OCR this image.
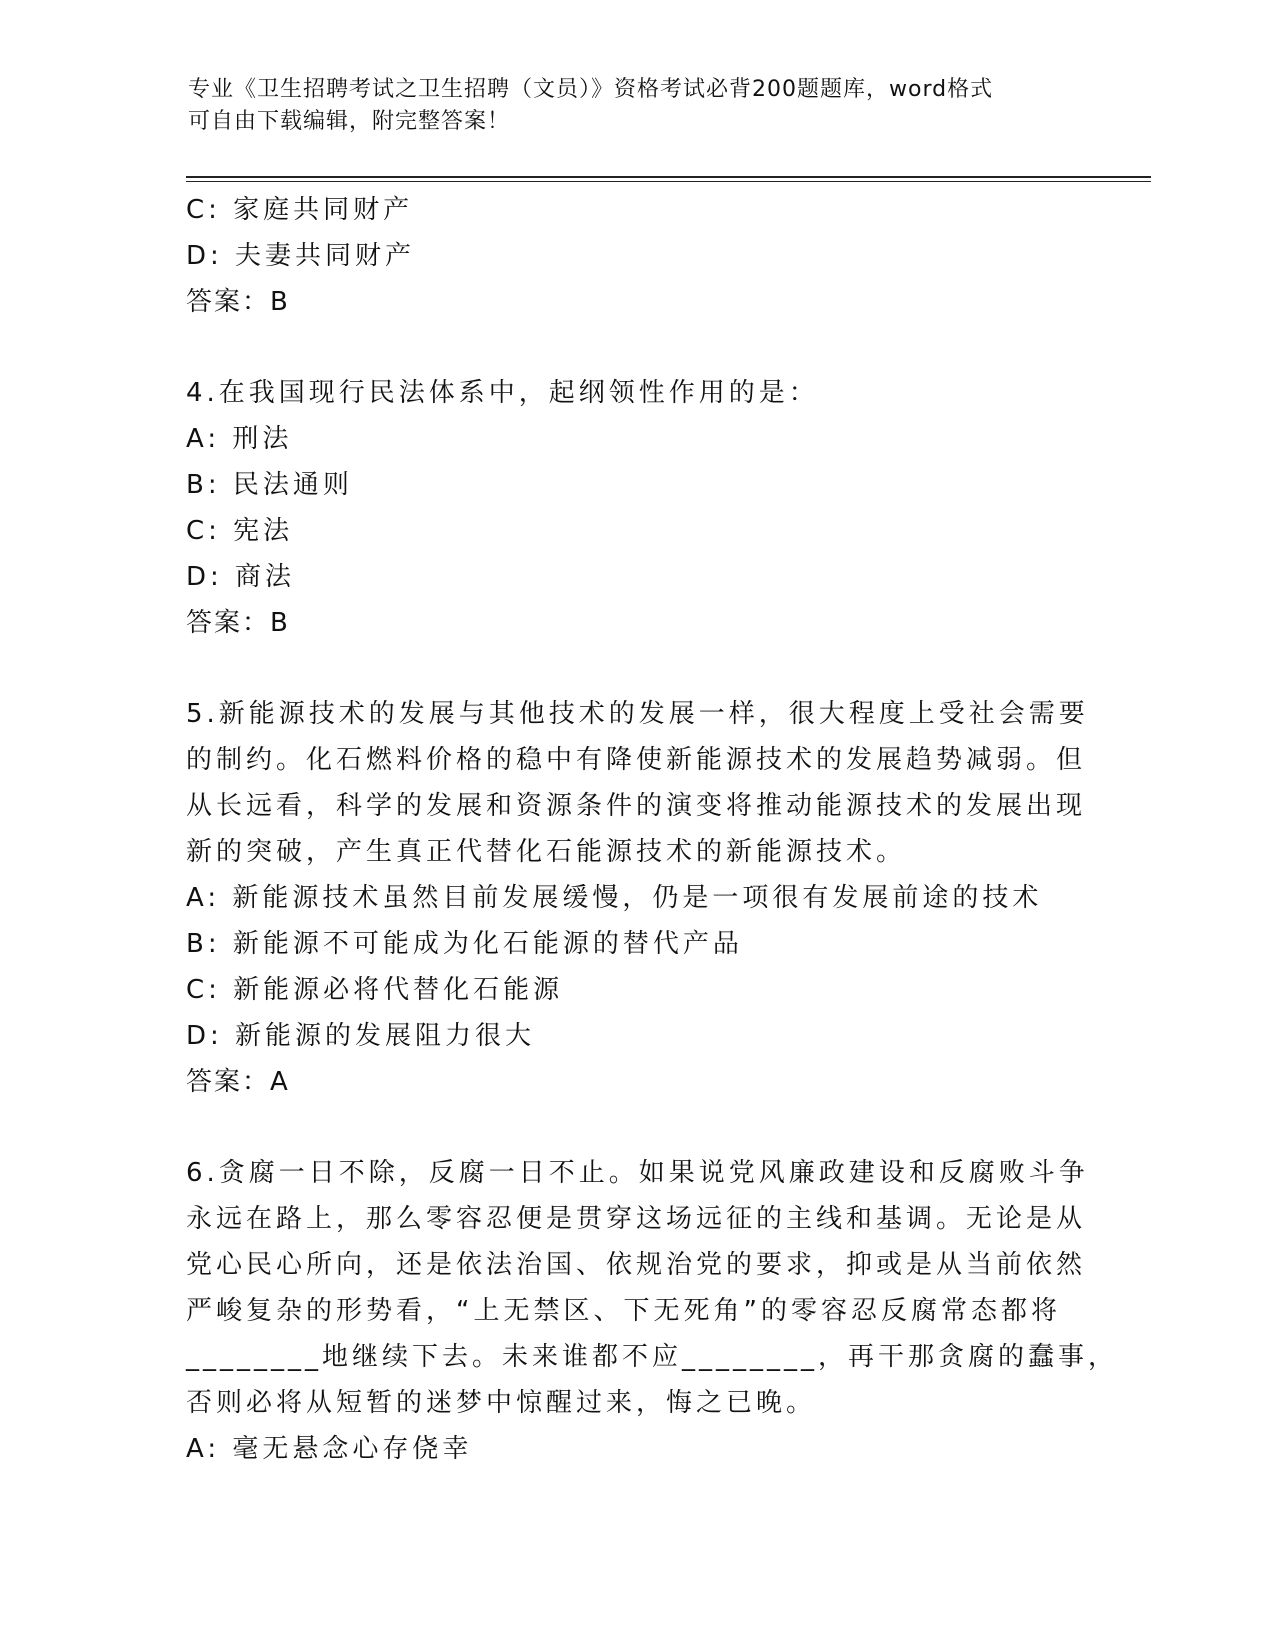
专业《卫生招聘考试之卫生招聘（文员）》资格考试必背200题题库，word格式
可自由下载编辑，附完整答案！
C: 家庭共同财产
D: 夫妻共同财产
答案：B
4.在我国现行民法体系中，起纲领性作用的是：
A: 刑法
B: 民法通则
C: 宪法
D: 商法
答案：B
5.新能源技术的发展与其他技术的发展一样，很大程度上受社会需要
的制约。化石燃料价格的稳中有降使新能源技术的发展趋势减弱。但
从长远看，科学的发展和资源条件的演变将推动能源技术的发展出现
新的突破，产生真正代替化石能源技术的新能源技术。
A: 新能源技术虽然目前发展缓慢，仍是一项很有发展前途的技术
B: 新能源不可能成为化石能源的替代产品
C: 新能源必将代替化石能源
D: 新能源的发展阻力很大
答案：A
6.贪腐一日不除，反腐一日不止。如果说党风廉政建设和反腐败斗争
永远在路上，那么零容忍便是贯穿这场远征的主线和基调。无论是从
党心民心所向，还是依法治国、依规治党的要求，抑或是从当前依然
严峻复杂的形势看，“上无禁区、下无死角”的零容忍反腐常态都将
________地继续下去。未来谁都不应________，再干那贪腐的蠢事，
否则必将从短暂的迷梦中惊醒过来，悔之已晚。
A: 毫无悬念心存侥幸
